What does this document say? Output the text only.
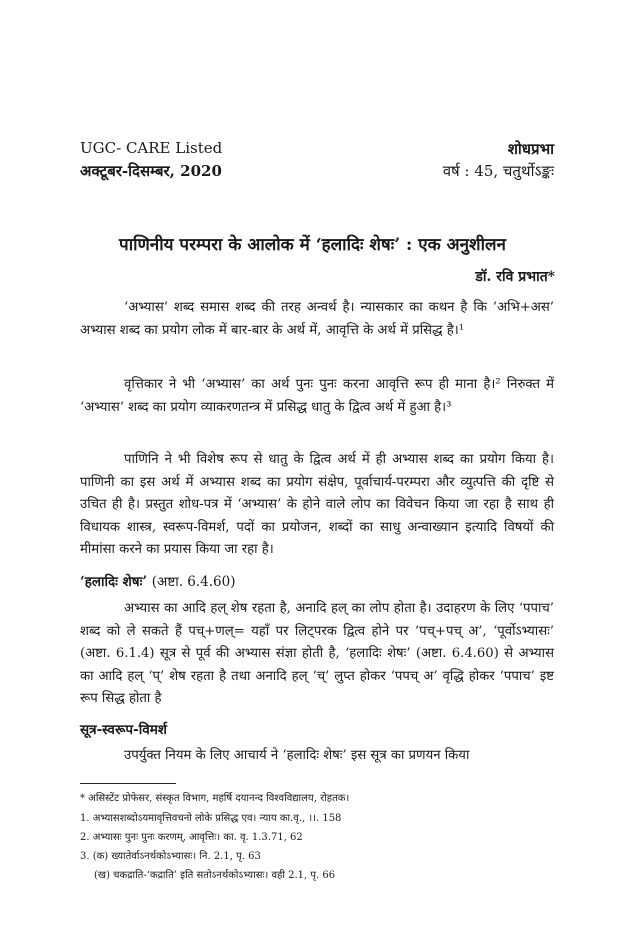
UGC- CARE Listed
अक्टूबर-दिसम्बर, 2020
शोधप्रभा
वर्ष : 45, चतुर्थोऽङ्कः
पाणिनीय परम्परा के आलोक में ‘हलादिः शेषः’ : एक अनुशीलन
डॉ. रवि प्रभात*
‘अभ्यास’ शब्द समास शब्द की तरह अन्वर्थ है। न्यासकार का कथन है कि ‘अभि+अस’ अभ्यास शब्द का प्रयोग लोक में बार-बार के अर्थ में, आवृत्ति के अर्थ में प्रसिद्ध है।¹
वृत्तिकार ने भी ‘अभ्यास’ का अर्थ पुनः पुनः करना आवृत्ति रूप ही माना है।² निरुक्त में ‘अभ्यास’ शब्द का प्रयोग व्याकरणतन्त्र में प्रसिद्ध धातु के द्वित्व अर्थ में हुआ है।³
पाणिनि ने भी विशेष रूप से धातु के द्वित्व अर्थ में ही अभ्यास शब्द का प्रयोग किया है। पाणिनी का इस अर्थ में अभ्यास शब्द का प्रयोग संक्षेप, पूर्वाचार्य-परम्परा और व्युत्पत्ति की दृष्टि से उचित ही है। प्रस्तुत शोध-पत्र में ‘अभ्यास’ के होने वाले लोप का विवेचन किया जा रहा है साथ ही विधायक शास्त्र, स्वरूप-विमर्श, पदों का प्रयोजन, शब्दों का साधु अन्वाख्यान इत्यादि विषयों की मीमांसा करने का प्रयास किया जा रहा है।
‘हलादिः शेषः’ (अष्टा. 6.4.60)
अभ्यास का आदि हल् शेष रहता है, अनादि हल् का लोप होता है। उदाहरण के लिए ‘पपाच’ शब्द को ले सकते हैं पच्+णल्= यहाँ पर लिट्परक द्वित्व होने पर ‘पच्+पच् अ’, ‘पूर्वोऽभ्यासः’ (अष्टा. 6.1.4) सूत्र से पूर्व की अभ्यास संज्ञा होती है, ‘हलादिः शेषः’ (अष्टा. 6.4.60) से अभ्यास का आदि हल् ‘प्’ शेष रहता है तथा अनादि हल् ‘च्’ लुप्त होकर ‘पपच् अ’ वृद्धि होकर ‘पपाच’ इष्ट रूप सिद्ध होता है
सूत्र-स्वरूप-विमर्श
उपर्युक्त नियम के लिए आचार्य ने ‘हलादिः शेषः’ इस सूत्र का प्रणयन किया
* असिस्टेंट प्रोफेसर, संस्कृत विभाग, महर्षि दयानन्द विश्वविद्यालय, रोहतक।
1. अभ्यासशब्दोऽयमावृत्तिवचनो लोके प्रसिद्ध एव। न्याय का.वृ., ।।. 158
2. अभ्यासः पुनः पुनः करणम्, आवृत्तिः। का. वृ. 1.3.71, 62
3. (क) ख्यातेर्वाऽनर्थकोऽभ्यासः। नि. 2.1, पृ. 63
(ख) चकद्राति-‘कद्राति’ इति सतोऽनर्थकोऽभ्यासः। वही 2.1, पृ. 66
